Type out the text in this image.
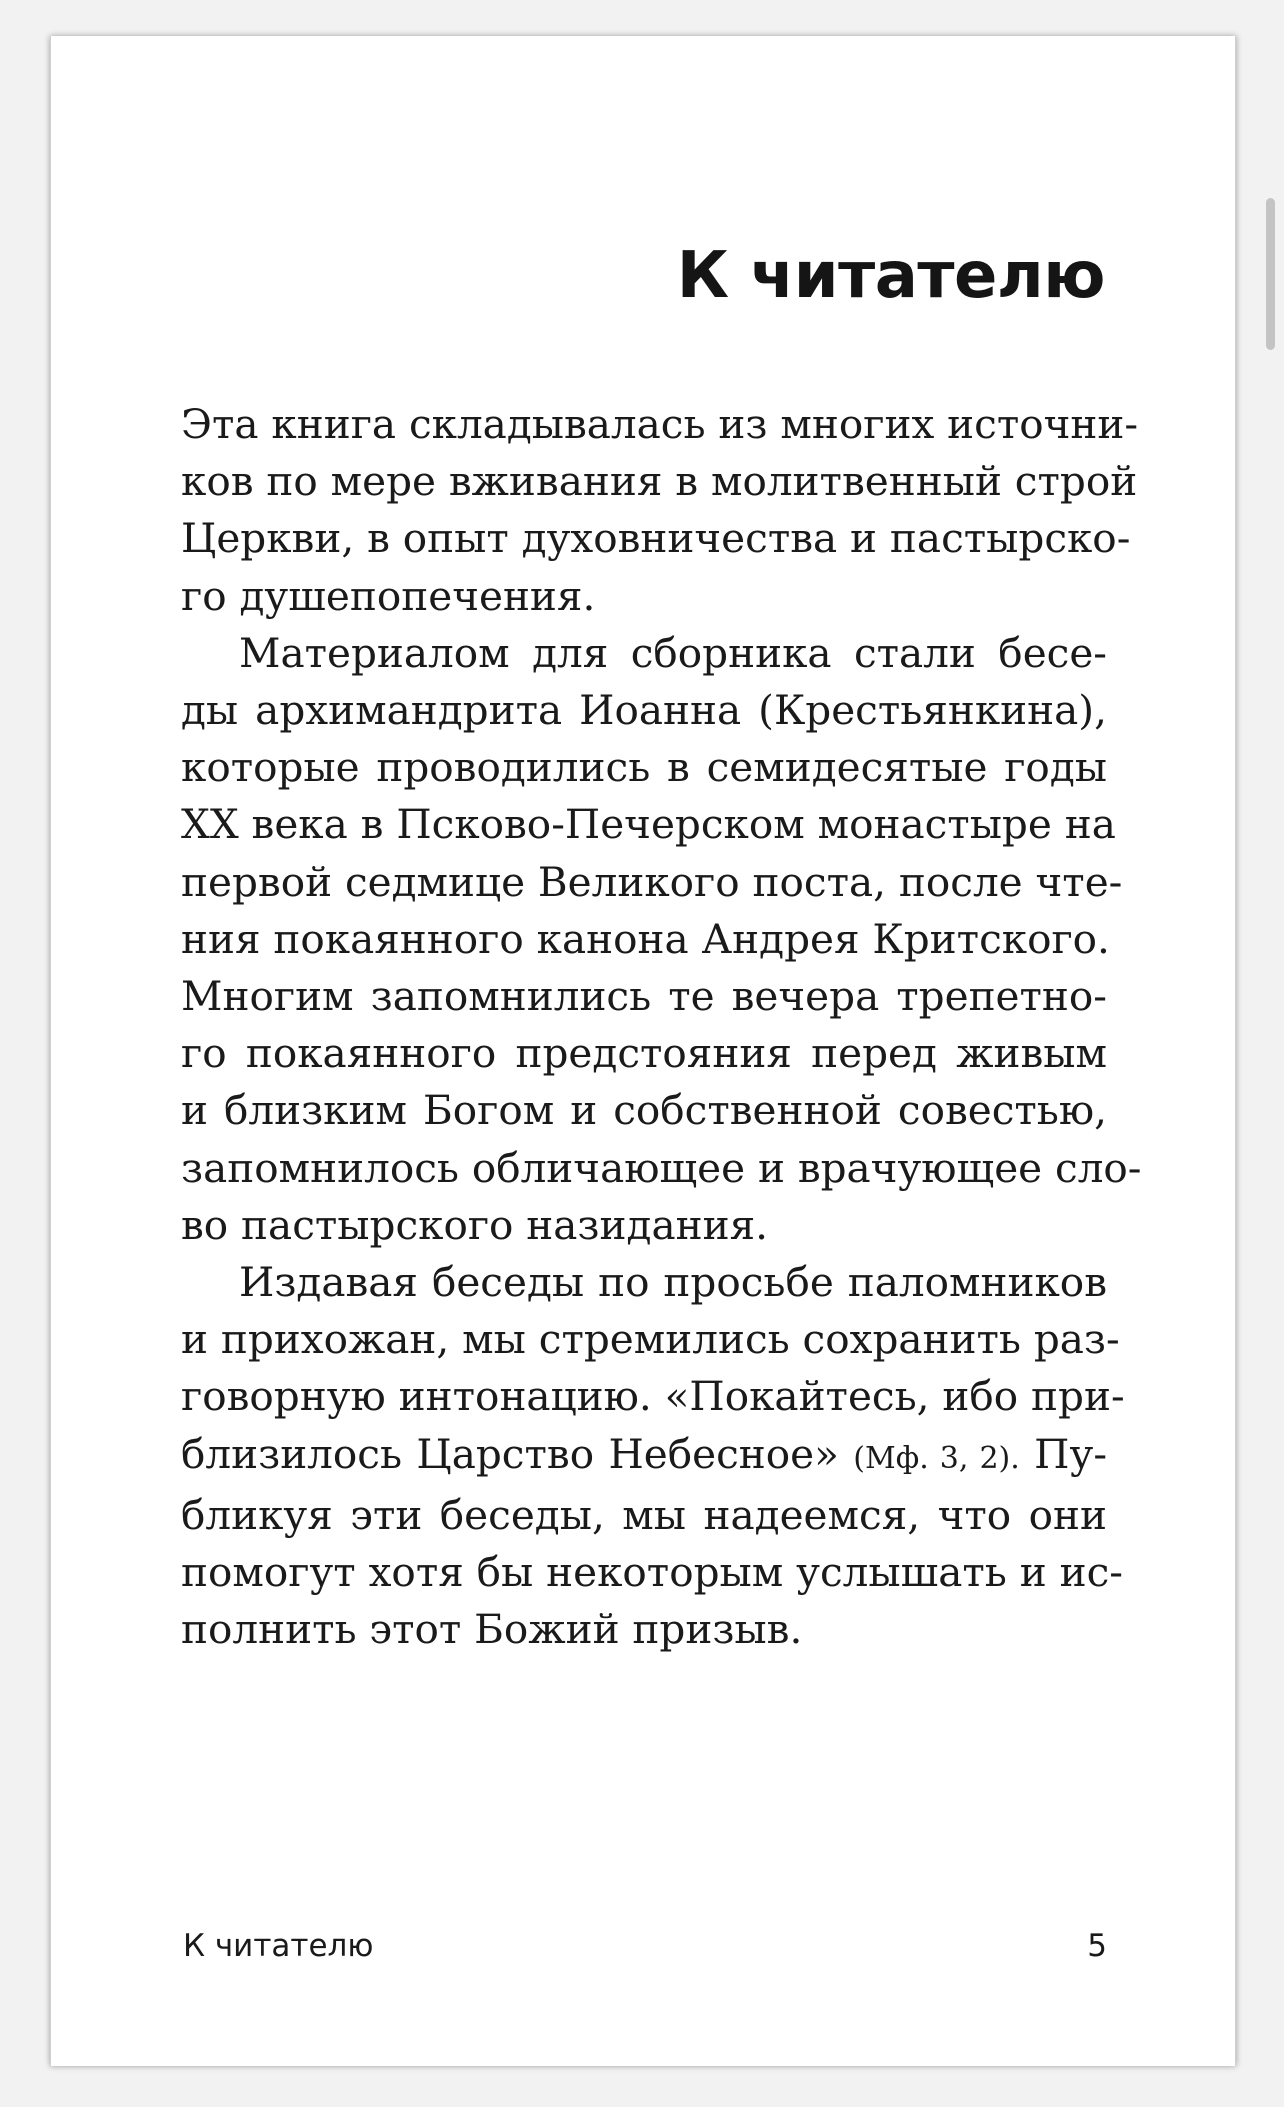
К читателю

Эта книга складывалась из многих источни-
ков по мере вживания в молитвенный строй
Церкви, в опыт духовничества и пастырско-
го душепопечения.

Материалом для сборника стали бесе-
ды архимандрита Иоанна (Крестьянкина),
которые проводились в семидесятые годы
XX века в Псково-Печерском монастыре на
первой седмице Великого поста, после чте-
ния покаянного канона Андрея Критского.
Многим запомнились те вечера трепетно-
го покаянного предстояния перед живым
и близким Богом и собственной совестью,
запомнилось обличающее и врачующее сло-
во пастырского назидания.

Издавая беседы по просьбе паломников
и прихожан, мы стремились сохранить раз-
говорную интонацию. «Покайтесь, ибо при-
близилось Царство Небесное» (Мф. 3, 2). Пу-
бликуя эти беседы, мы надеемся, что они
помогут хотя бы некоторым услышать и ис-
полнить этот Божий призыв.

К читателю	5
